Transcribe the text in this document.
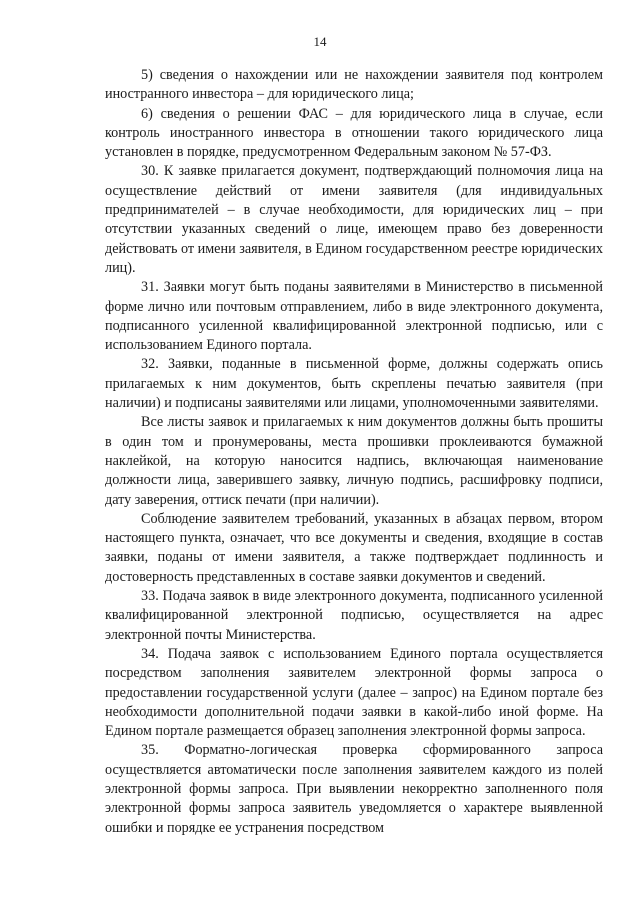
14

5) сведения о нахождении или не нахождении заявителя под контролем иностранного инвестора – для юридического лица;

6) сведения о решении ФАС – для юридического лица в случае, если контроль иностранного инвестора в отношении такого юридического лица установлен в порядке, предусмотренном Федеральным законом № 57-ФЗ.

30. К заявке прилагается документ, подтверждающий полномочия лица на осуществление действий от имени заявителя (для индивидуальных предпринимателей – в случае необходимости, для юридических лиц – при отсутствии указанных сведений о лице, имеющем право без доверенности действовать от имени заявителя, в Едином государственном реестре юридических лиц).

31. Заявки могут быть поданы заявителями в Министерство в письменной форме лично или почтовым отправлением, либо в виде электронного документа, подписанного усиленной квалифицированной электронной подписью, или с использованием Единого портала.

32. Заявки, поданные в письменной форме, должны содержать опись прилагаемых к ним документов, быть скреплены печатью заявителя (при наличии) и подписаны заявителями или лицами, уполномоченными заявителями.

Все листы заявок и прилагаемых к ним документов должны быть прошиты в один том и пронумерованы, места прошивки проклеиваются бумажной наклейкой, на которую наносится надпись, включающая наименование должности лица, заверившего заявку, личную подпись, расшифровку подписи, дату заверения, оттиск печати (при наличии).

Соблюдение заявителем требований, указанных в абзацах первом, втором настоящего пункта, означает, что все документы и сведения, входящие в состав заявки, поданы от имени заявителя, а также подтверждает подлинность и достоверность представленных в составе заявки документов и сведений.

33. Подача заявок в виде электронного документа, подписанного усиленной квалифицированной электронной подписью, осуществляется на адрес электронной почты Министерства.

34. Подача заявок с использованием Единого портала осуществляется посредством заполнения заявителем электронной формы запроса о предоставлении государственной услуги (далее – запрос) на Едином портале без необходимости дополнительной подачи заявки в какой-либо иной форме. На Едином портале размещается образец заполнения электронной формы запроса.

35. Форматно-логическая проверка сформированного запроса осуществляется автоматически после заполнения заявителем каждого из полей электронной формы запроса. При выявлении некорректно заполненного поля электронной формы запроса заявитель уведомляется о характере выявленной ошибки и порядке ее устранения посредством
